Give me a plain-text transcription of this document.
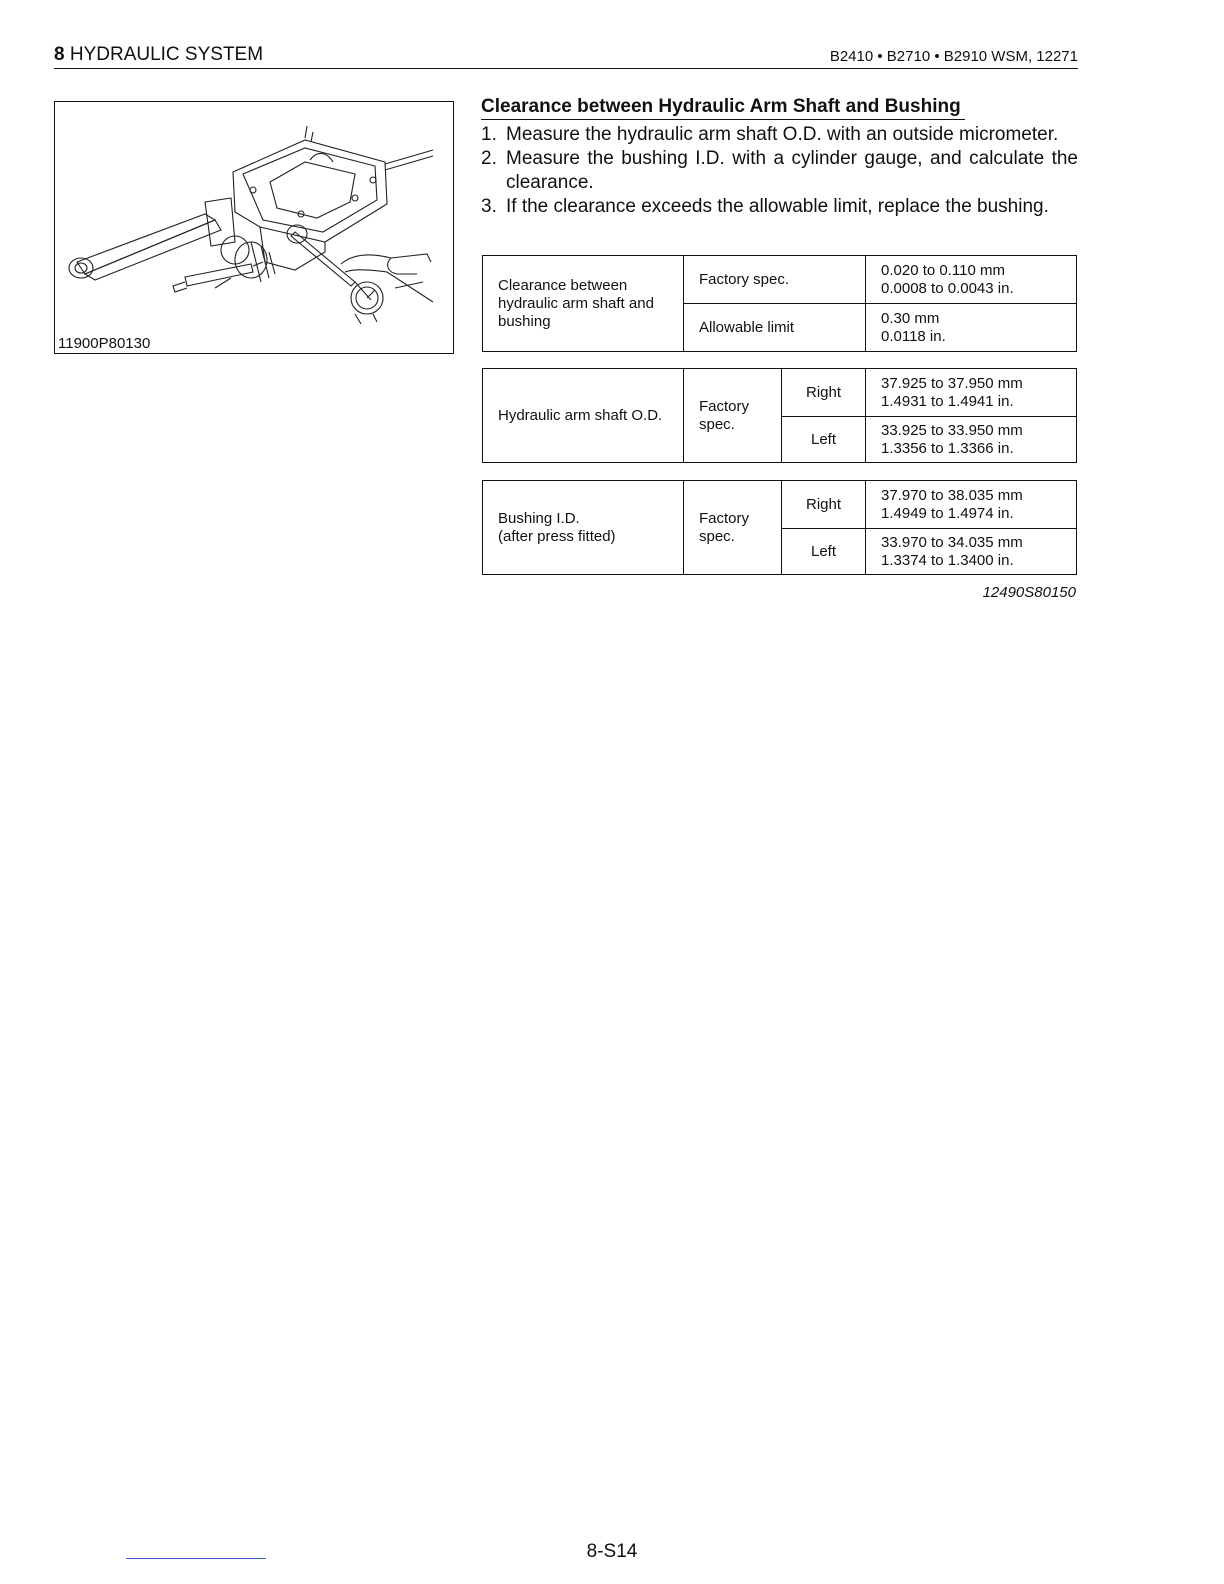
8 HYDRAULIC SYSTEM	B2410 • B2710 • B2910 WSM, 12271
11900P80130
Clearance between Hydraulic Arm Shaft and Bushing
1. Measure the hydraulic arm shaft O.D. with an outside micrometer.
2. Measure the bushing I.D. with a cylinder gauge, and calculate the clearance.
3. If the clearance exceeds the allowable limit, replace the bushing.
Clearance between hydraulic arm shaft and bushing	Factory spec.	0.020 to 0.110 mm
0.0008 to 0.0043 in.
	Allowable limit	0.30 mm
0.0118 in.
Hydraulic arm shaft O.D.	Factory spec.	Right	37.925 to 37.950 mm
1.4931 to 1.4941 in.
		Left	33.925 to 33.950 mm
1.3356 to 1.3366 in.
Bushing I.D.
(after press fitted)	Factory spec.	Right	37.970 to 38.035 mm
1.4949 to 1.4974 in.
		Left	33.970 to 34.035 mm
1.3374 to 1.3400 in.
12490S80150
8-S14
